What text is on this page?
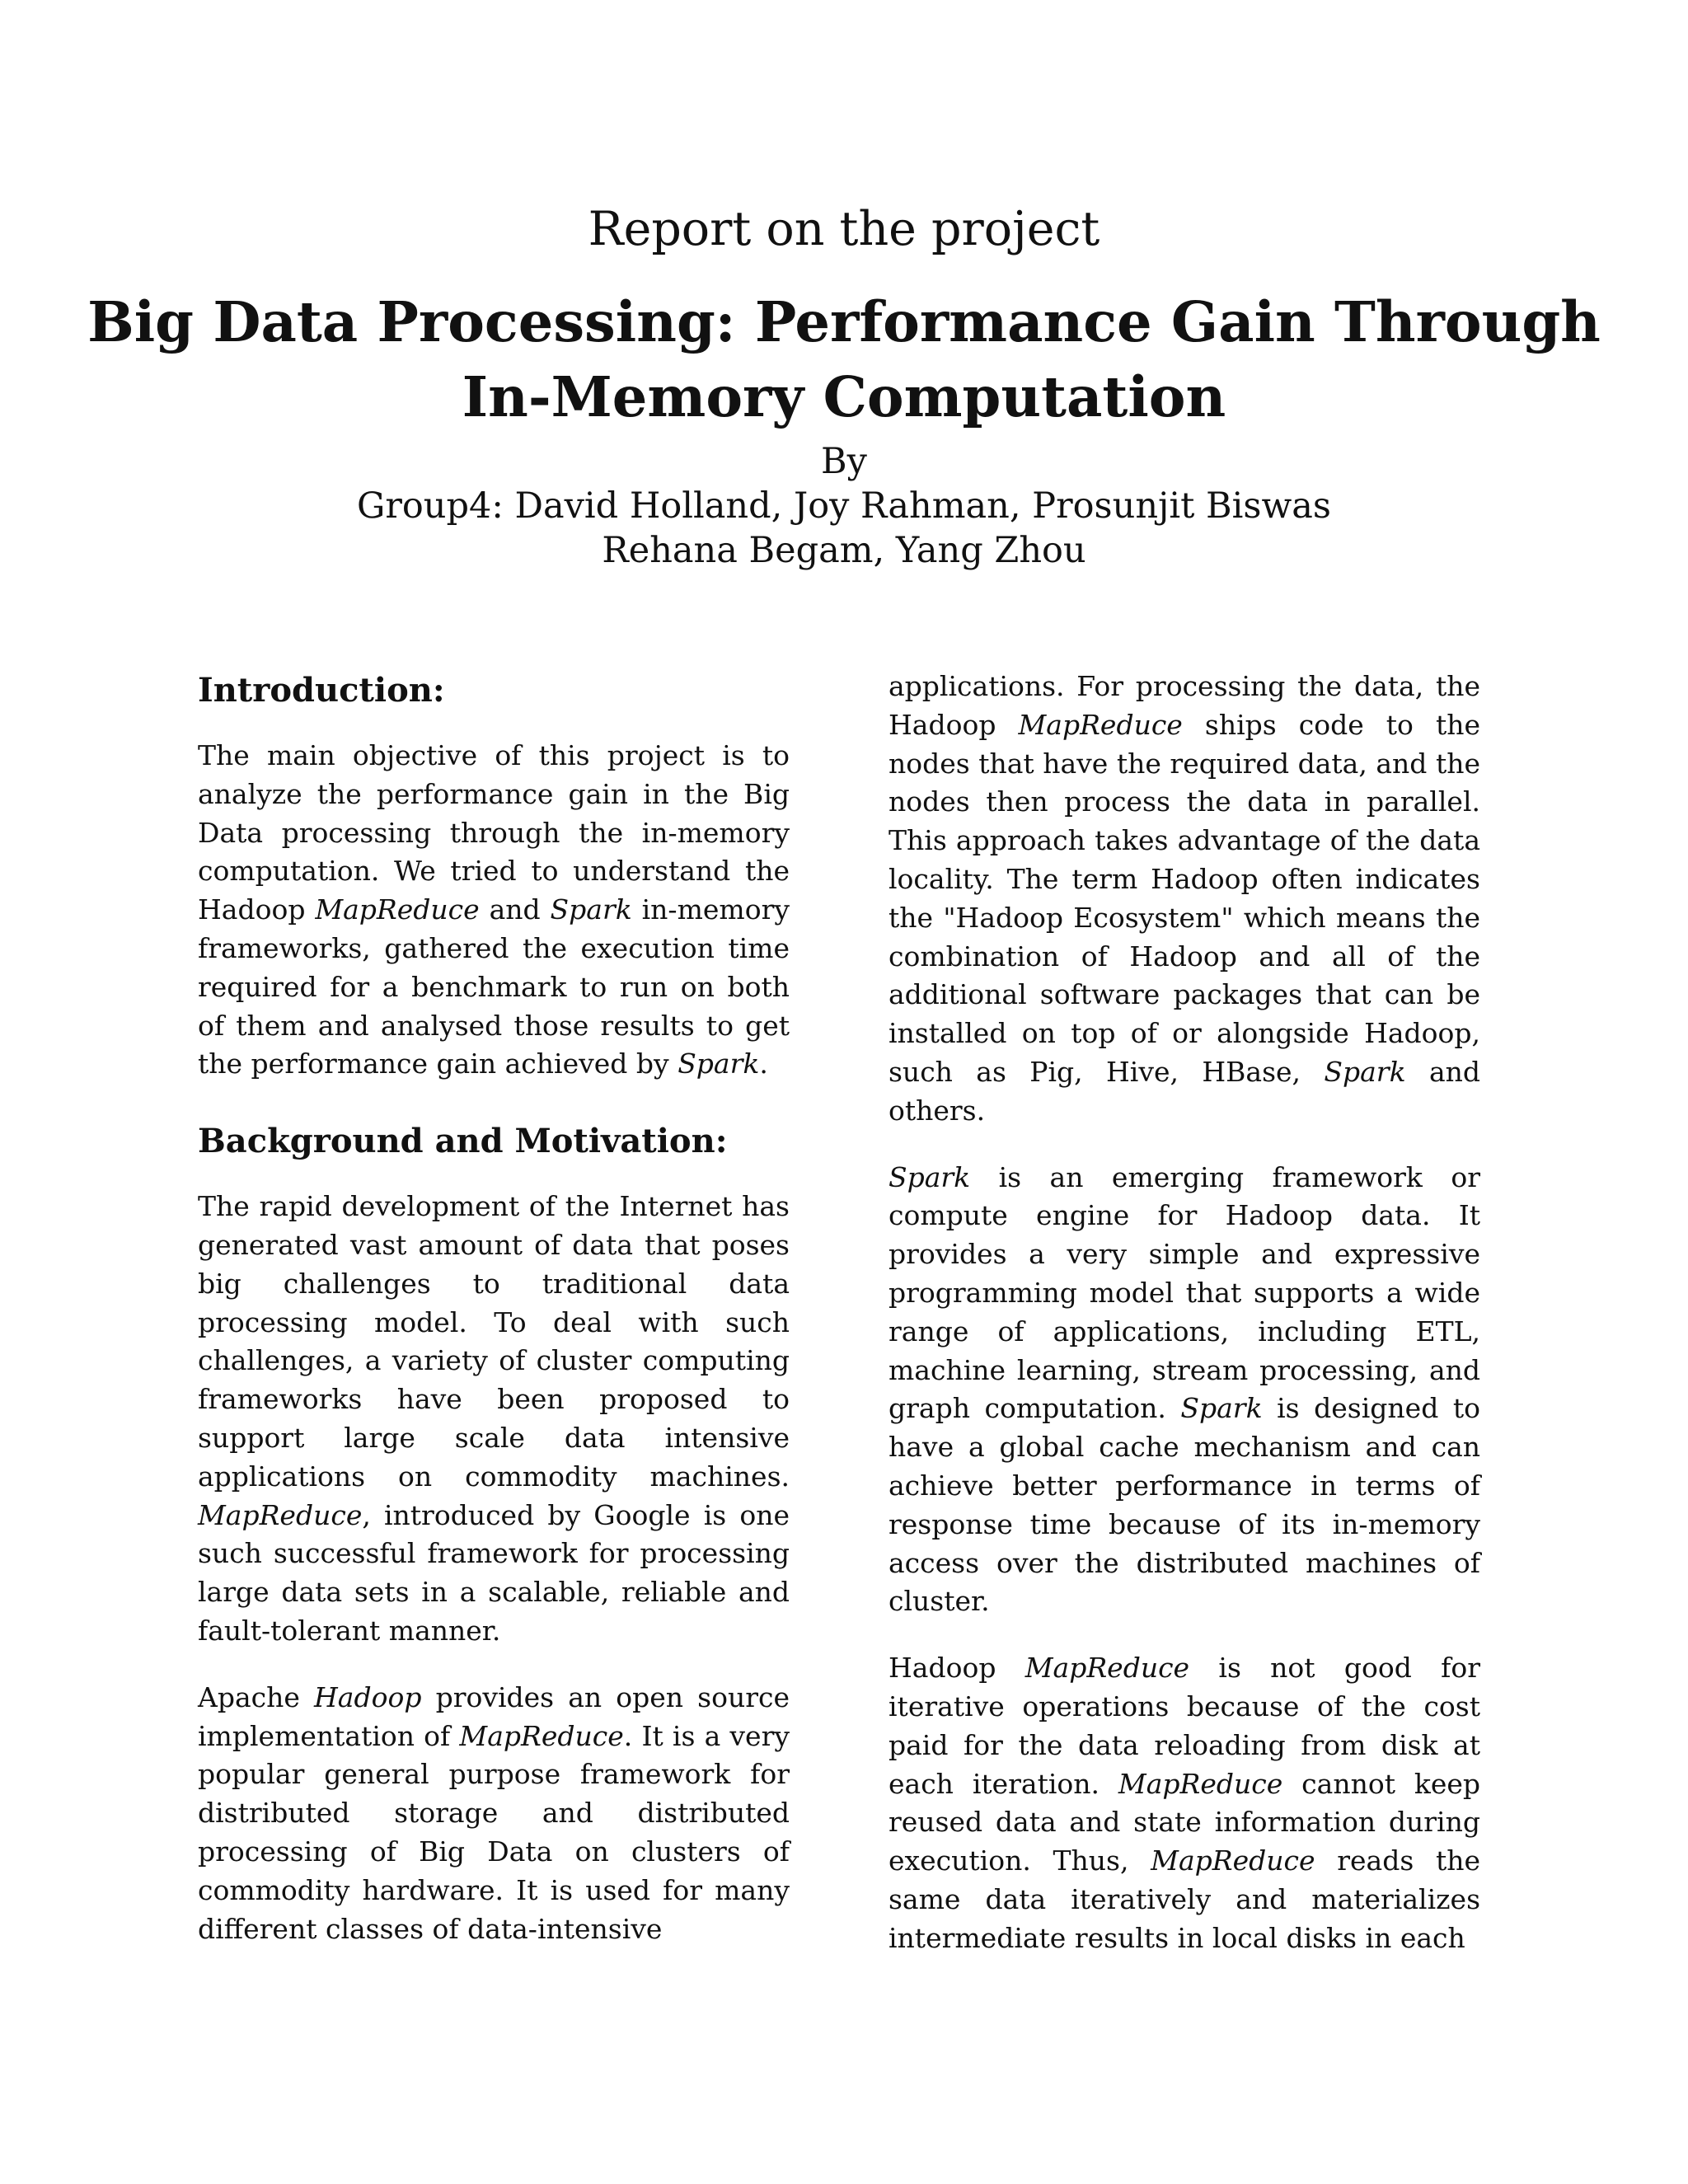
Report on the project
Big Data Processing: Performance Gain Through
In-Memory Computation
By
Group4: David Holland, Joy Rahman, Prosunjit Biswas
Rehana Begam, Yang Zhou
Introduction:

The main objective of this project is to analyze the performance gain in the Big Data processing through the in-memory computation. We tried to understand the Hadoop MapReduce and Spark in-memory frameworks, gathered the execution time required for a benchmark to run on both of them and analysed those results to get the performance gain achieved by Spark.

Background and Motivation:

The rapid development of the Internet has generated vast amount of data that poses big challenges to traditional data processing model. To deal with such challenges, a variety of cluster computing frameworks have been proposed to support large scale data intensive applications on commodity machines. MapReduce, introduced by Google is one such successful framework for processing large data sets in a scalable, reliable and fault-tolerant manner.

Apache Hadoop provides an open source implementation of MapReduce. It is a very popular general purpose framework for distributed storage and distributed processing of Big Data on clusters of commodity hardware. It is used for many different classes of data-intensive

applications. For processing the data, the Hadoop MapReduce ships code to the nodes that have the required data, and the nodes then process the data in parallel. This approach takes advantage of the data locality. The term Hadoop often indicates the "Hadoop Ecosystem" which means the combination of Hadoop and all of the additional software packages that can be installed on top of or alongside Hadoop, such as Pig, Hive, HBase, Spark and others.

Spark is an emerging framework or compute engine for Hadoop data. It provides a very simple and expressive programming model that supports a wide range of applications, including ETL, machine learning, stream processing, and graph computation. Spark is designed to have a global cache mechanism and can achieve better performance in terms of response time because of its in-memory access over the distributed machines of cluster.

Hadoop MapReduce is not good for iterative operations because of the cost paid for the data reloading from disk at each iteration. MapReduce cannot keep reused data and state information during execution. Thus, MapReduce reads the same data iteratively and materializes intermediate results in local disks in each
